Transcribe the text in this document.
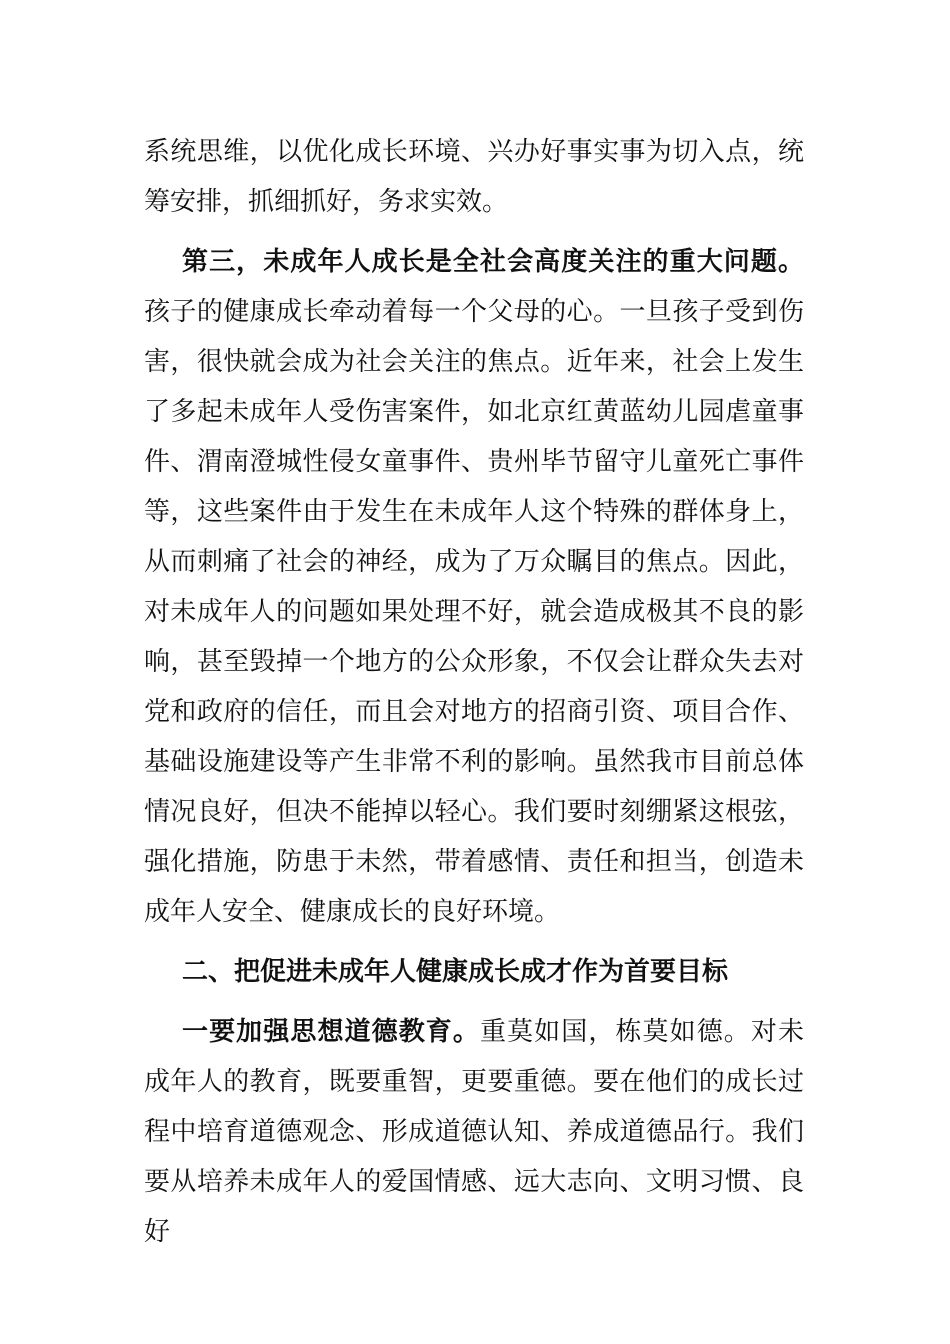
系统思维，以优化成长环境、兴办好事实事为切入点，统筹安排，抓细抓好，务求实效。

第三，未成年人成长是全社会高度关注的重大问题。孩子的健康成长牵动着每一个父母的心。一旦孩子受到伤害，很快就会成为社会关注的焦点。近年来，社会上发生了多起未成年人受伤害案件，如北京红黄蓝幼儿园虐童事件、渭南澄城性侵女童事件、贵州毕节留守儿童死亡事件等，这些案件由于发生在未成年人这个特殊的群体身上，从而刺痛了社会的神经，成为了万众瞩目的焦点。因此，对未成年人的问题如果处理不好，就会造成极其不良的影响，甚至毁掉一个地方的公众形象，不仅会让群众失去对党和政府的信任，而且会对地方的招商引资、项目合作、基础设施建设等产生非常不利的影响。虽然我市目前总体情况良好，但决不能掉以轻心。我们要时刻绷紧这根弦，强化措施，防患于未然，带着感情、责任和担当，创造未成年人安全、健康成长的良好环境。

二、把促进未成年人健康成长成才作为首要目标

一要加强思想道德教育。重莫如国，栋莫如德。对未成年人的教育，既要重智，更要重德。要在他们的成长过程中培育道德观念、形成道德认知、养成道德品行。我们要从培养未成年人的爱国情感、远大志向、文明习惯、良好
